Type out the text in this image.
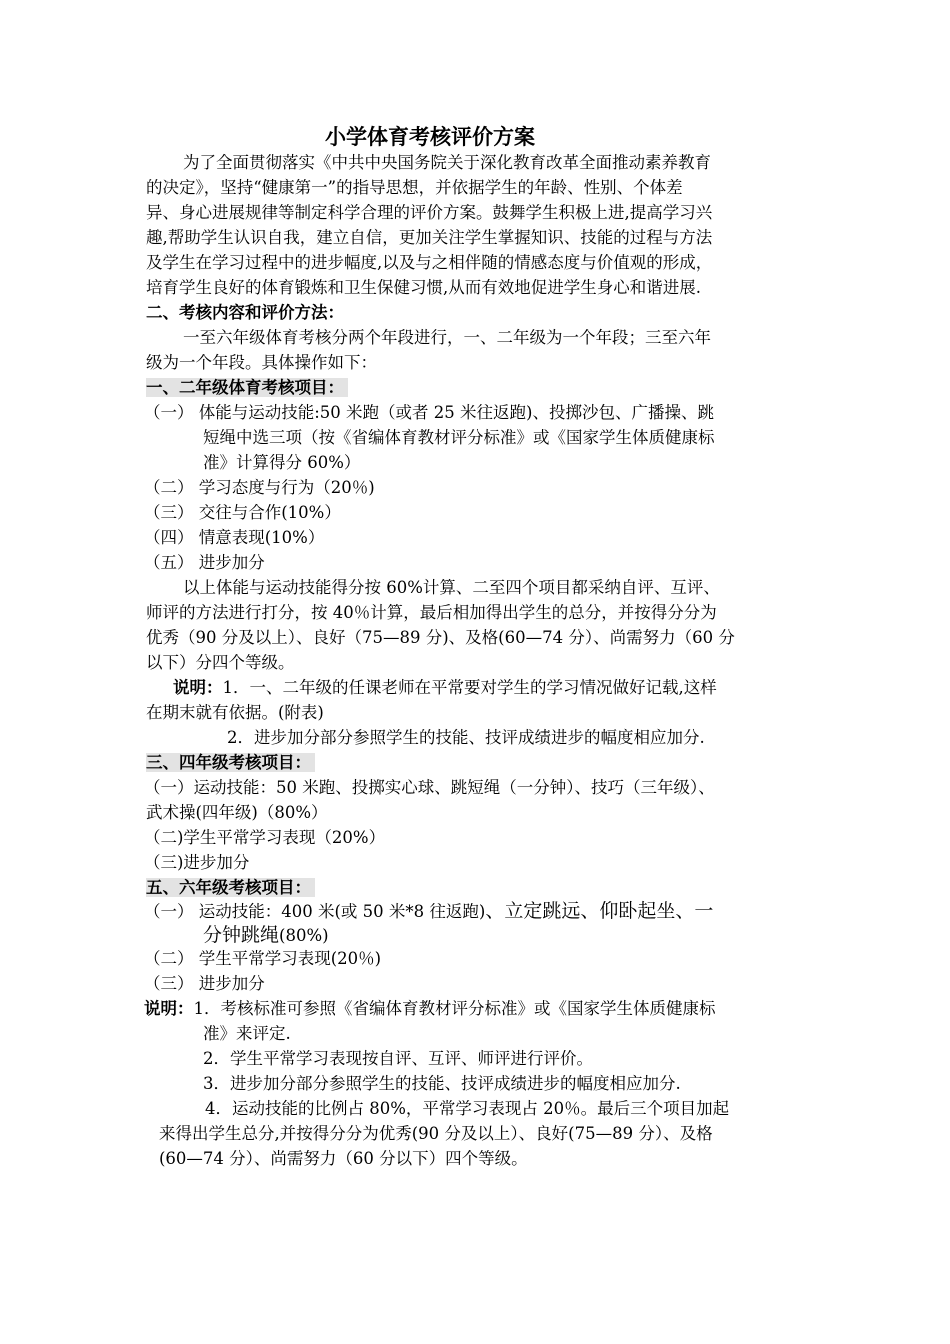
小学体育考核评价方案
为了全面贯彻落实《中共中央国务院关于深化教育改革全面推动素养教育
的决定》，坚持“健康第一”的指导思想，并依据学生的年龄、性别、个体差
异、身心进展规律等制定科学合理的评价方案。鼓舞学生积极上进,提高学习兴
趣,帮助学生认识自我，建立自信，更加关注学生掌握知识、技能的过程与方法
及学生在学习过程中的进步幅度,以及与之相伴随的情感态度与价值观的形成，
培育学生良好的体育锻炼和卫生保健习惯,从而有效地促进学生身心和谐进展.
二、考核内容和评价方法：
一至六年级体育考核分两个年段进行，一、二年级为一个年段；三至六年
级为一个年段。具体操作如下：
一、二年级体育考核项目：
（一） 体能与运动技能:50 米跑（或者 25 米往返跑)、投掷沙包、广播操、跳
短绳中选三项（按《省编体育教材评分标准》或《国家学生体质健康标
准》计算得分 60%）
（二） 学习态度与行为（20％)
（三） 交往与合作(10%）
（四） 情意表现(10%）
（五） 进步加分
以上体能与运动技能得分按 60%计算、二至四个项目都采纳自评、互评、
师评的方法进行打分，按 40％计算，最后相加得出学生的总分，并按得分分为
优秀（90 分及以上）、良好（75—89 分)、及格(60—74 分）、尚需努力（60 分
以下）分四个等级。
说明：1．一、二年级的任课老师在平常要对学生的学习情况做好记载,这样
在期末就有依据。(附表)
2．进步加分部分参照学生的技能、技评成绩进步的幅度相应加分.
三、四年级考核项目：
（一）运动技能：50 米跑、投掷实心球、跳短绳（一分钟）、技巧（三年级）、
武术操(四年级)（80%）
（二)学生平常学习表现（20%）
（三)进步加分
五、六年级考核项目：
（一） 运动技能：400 米(或 50 米*8 往返跑)、立定跳远、仰卧起坐、一
分钟跳绳(80%)
（二） 学生平常学习表现(20％)
（三） 进步加分
说明：1．考核标准可参照《省编体育教材评分标准》或《国家学生体质健康标
准》来评定.
2．学生平常学习表现按自评、互评、师评进行评价。
3．进步加分部分参照学生的技能、技评成绩进步的幅度相应加分.
4．运动技能的比例占 80%，平常学习表现占 20％。最后三个项目加起
来得出学生总分,并按得分分为优秀(90 分及以上）、良好(75—89 分）、及格
(60—74 分）、尚需努力（60 分以下）四个等级。
